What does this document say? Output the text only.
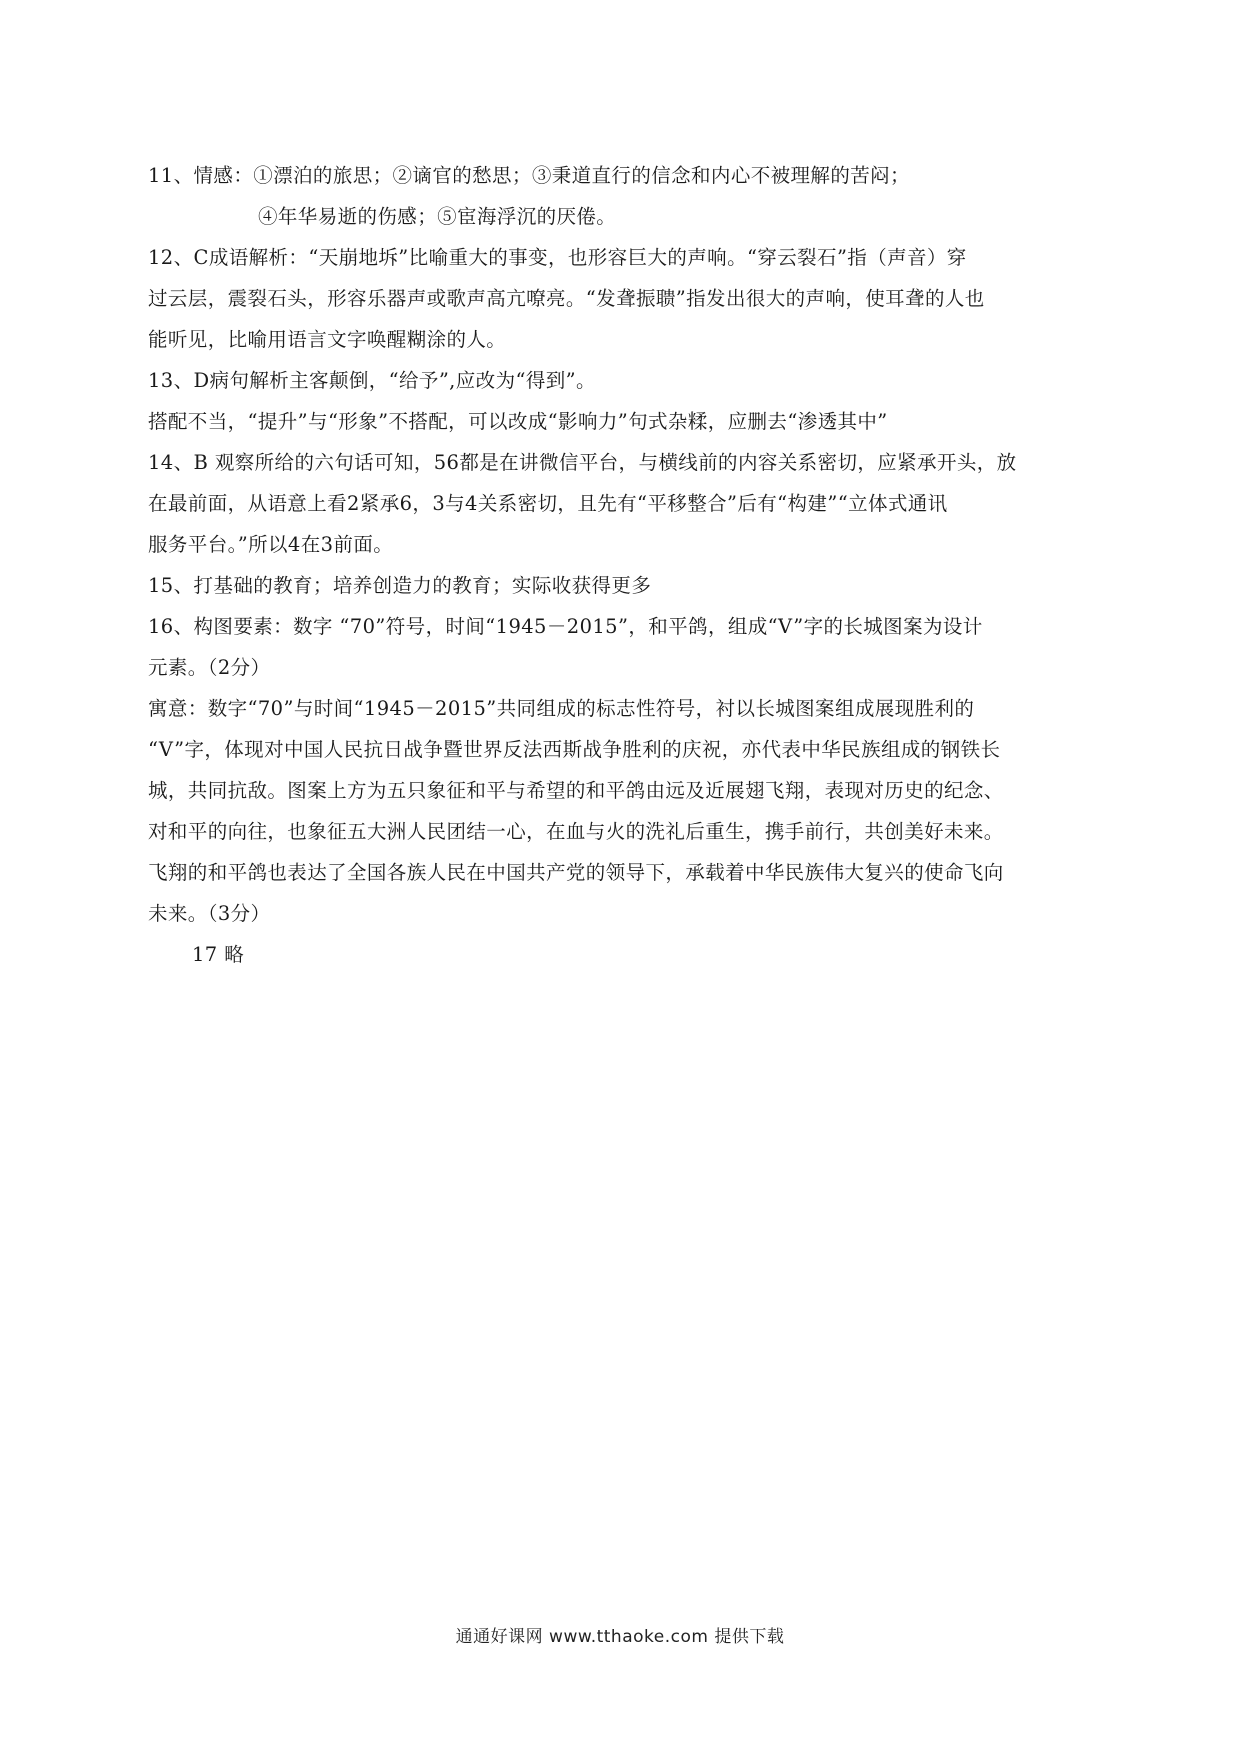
11、情感：①漂泊的旅思；②谪官的愁思；③秉道直行的信念和内心不被理解的苦闷；
④年华易逝的伤感；⑤宦海浮沉的厌倦。
12、C成语解析：“天崩地坼”比喻重大的事变，也形容巨大的声响。“穿云裂石”指（声音）穿
过云层，震裂石头，形容乐器声或歌声高亢嘹亮。“发聋振聩”指发出很大的声响，使耳聋的人也
能听见，比喻用语言文字唤醒糊涂的人。
13、D病句解析主客颠倒，“给予”,应改为“得到”。
搭配不当，“提升”与“形象”不搭配，可以改成“影响力”句式杂糅，应删去“渗透其中”
14、B 观察所给的六句话可知，56都是在讲微信平台，与横线前的内容关系密切，应紧承开头，放
在最前面，从语意上看2紧承6，3与4关系密切，且先有“平移整合”后有“构建”“立体式通讯
服务平台。”所以4在3前面。
15、打基础的教育；培养创造力的教育；实际收获得更多
16、构图要素：数字 “70”符号，时间“1945－2015”，和平鸽，组成“V”字的长城图案为设计
元素。（2分）
寓意：数字“70”与时间“1945－2015”共同组成的标志性符号，衬以长城图案组成展现胜利的
“V”字，体现对中国人民抗日战争暨世界反法西斯战争胜利的庆祝，亦代表中华民族组成的钢铁长
城，共同抗敌。图案上方为五只象征和平与希望的和平鸽由远及近展翅飞翔，表现对历史的纪念、
对和平的向往，也象征五大洲人民团结一心，在血与火的洗礼后重生，携手前行，共创美好未来。
飞翔的和平鸽也表达了全国各族人民在中国共产党的领导下，承载着中华民族伟大复兴的使命飞向
未来。（3分）
17 略
通通好课网 www.tthaoke.com 提供下载
